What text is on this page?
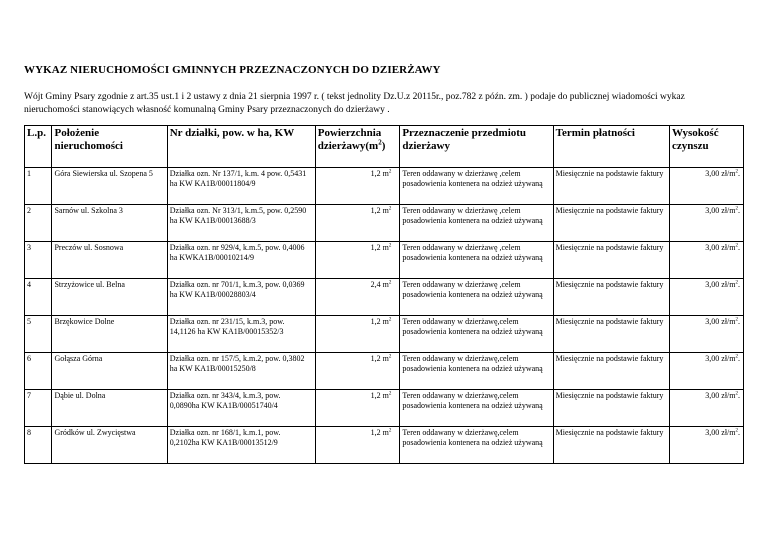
WYKAZ NIERUCHOMOŚCI GMINNYCH PRZEZNACZONYCH DO DZIERŻAWY

Wójt Gminy Psary zgodnie z art.35 ust.1 i 2 ustawy z dnia 21 sierpnia 1997 r. ( tekst jednolity Dz.U.z 20115r., poz.782 z późn. zm. ) podaje do publicznej wiadomości wykaz nieruchomości stanowiących własność komunalną Gminy Psary przeznaczonych do dzierżawy .

L.p.	Położenie nieruchomości	Nr działki, pow. w ha, KW	Powierzchnia $dzierżawy(m^2)$	Przeznaczenie przedmiotu dzierżawy	Termin płatności	Wysokość czynszu
1	Góra Siewierska ul. Szopena 5	Działka ozn. Nr 137/1, k.m. 4 pow. 0,5431 ha KW KA1B/00011804/9	1,2 $m^2$	Teren oddawany w dzierżawę ,celem posadowienia kontenera na odzież używaną	Miesięcznie na podstawie faktury	3,00 $zł/m^2$.
2	Sarnów ul. Szkolna 3	Działka ozn. Nr 313/1, k.m.5, pow. 0,2590 ha KW KA1B/00013688/3	1,2 $m^2$	Teren oddawany w dzierżawę ,celem posadowienia kontenera na odzież używaną	Miesięcznie na podstawie faktury	3,00 $zł/m^2$.
3	Preczów ul. Sosnowa	Działka ozn. nr 929/4, k.m.5, pow. 0,4006 ha KWKA1B/00010214/9	1,2 $m^2$	Teren oddawany w dzierżawę ,celem posadowienia kontenera na odzież używaną	Miesięcznie na podstawie faktury	3,00 $zł/m^2$.
4	Strzyżowice ul. Belna	Działka ozn. nr 701/1, k.m.3, pow. 0,0369 ha KW KA1B/00028803/4	2,4 $m^2$	Teren oddawany w dzierżawę ,celem posadowienia kontenera na odzież używaną	Miesięcznie na podstawie faktury	3,00 $zł/m^2$.
5	Brzękowice Dolne	Działka ozn. nr 231/15, k.m.3, pow. 14,1126 ha KW KA1B/00015352/3	1,2 $m^2$	Teren oddawany w dzierżawę,celem posadowienia kontenera na odzież używaną	Miesięcznie na podstawie faktury	3,00 $zł/m^2$.
6	Gołąsza Górna	Działka ozn. nr 157/5, k.m.2, pow. 0,3802 ha KW KA1B/00015250/8	1,2 $m^2$	Teren oddawany w dzierżawę,celem posadowienia kontenera na odzież używaną	Miesięcznie na podstawie faktury	3,00 $zł/m^2$.
7	Dąbie ul. Dolna	Działka ozn. nr 343/4, k.m.3, pow. 0,0890ha KW KA1B/00051740/4	1,2 $m^2$	Teren oddawany w dzierżawę,celem posadowienia kontenera na odzież używaną	Miesięcznie na podstawie faktury	3,00 $zł/m^2$.
8	Gródków ul. Zwycięstwa	Działka ozn. nr 168/1, k.m.1, pow. 0,2102ha KW KA1B/00013512/9	1,2 $m^2$	Teren oddawany w dzierżawę,celem posadowienia kontenera na odzież używaną	Miesięcznie na podstawie faktury	3,00 $zł/m^2$.
